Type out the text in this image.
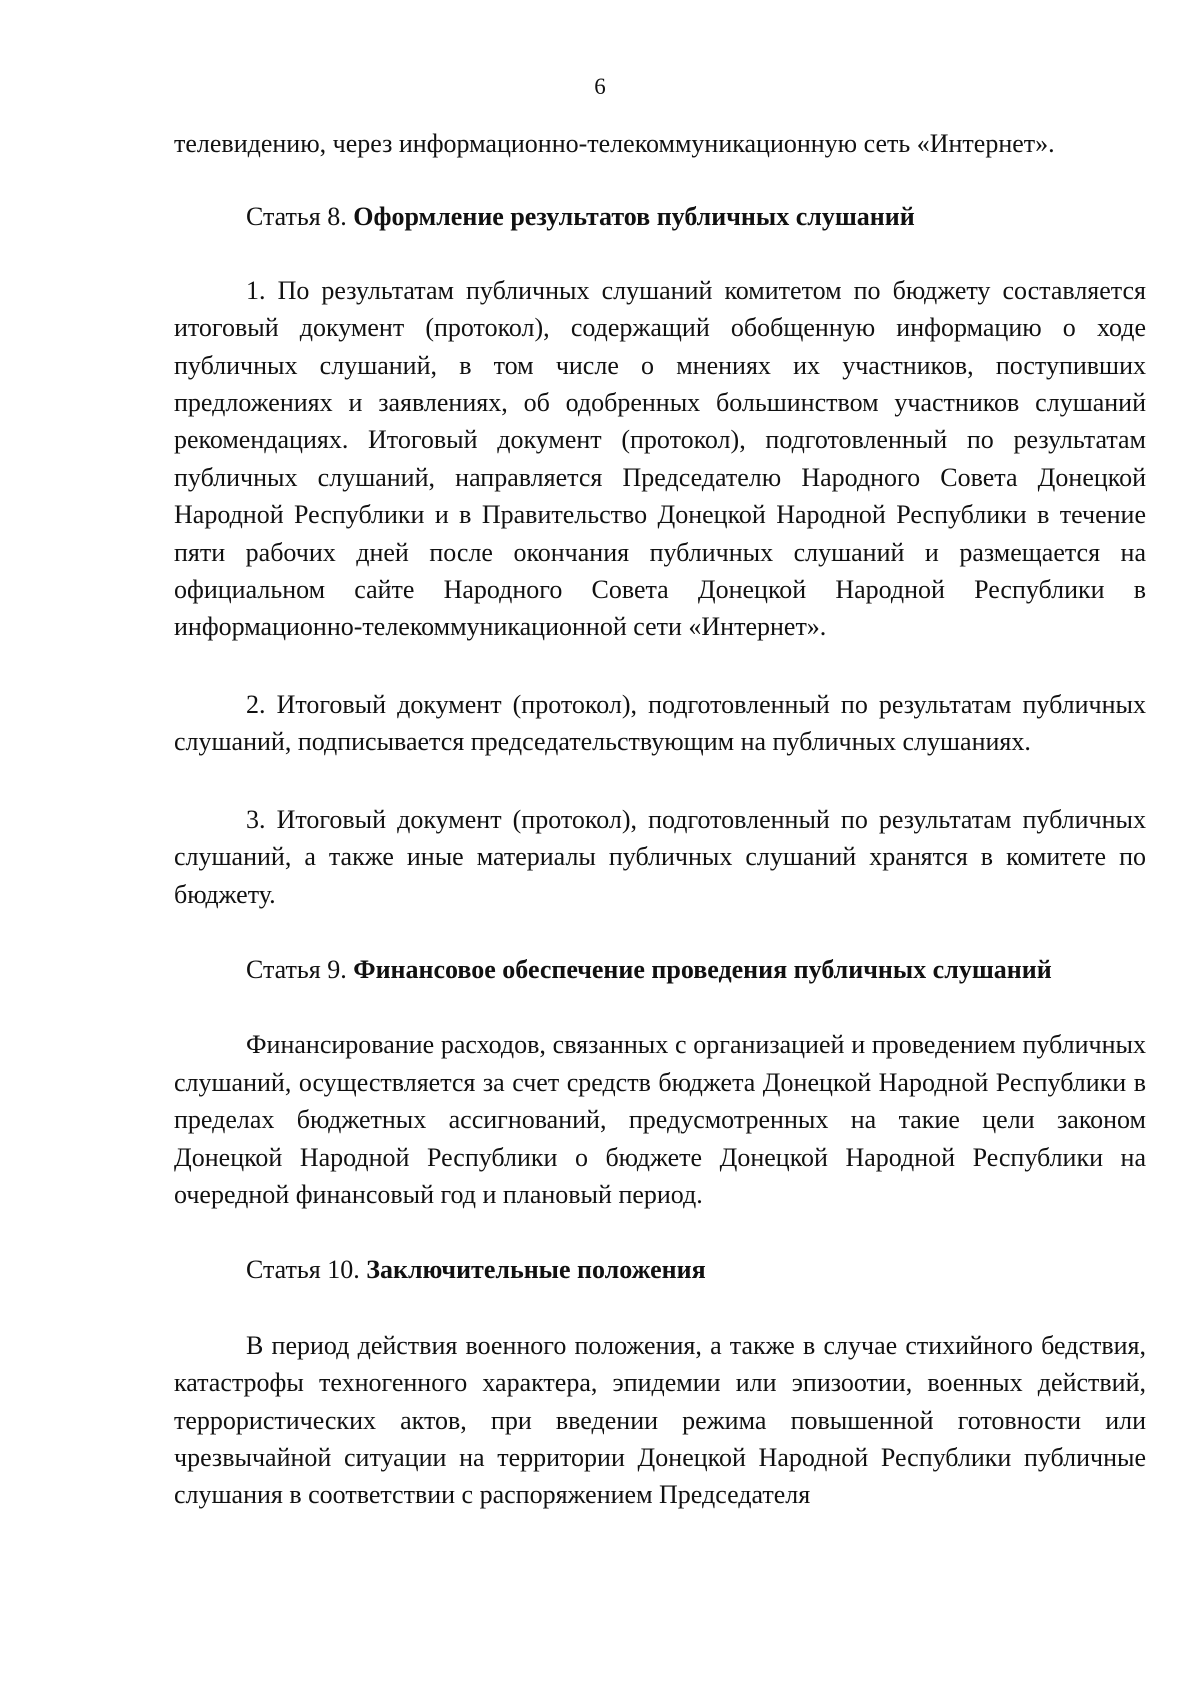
6

телевидению, через информационно-телекоммуникационную сеть «Интернет».

Статья 8. Оформление результатов публичных слушаний

1. По результатам публичных слушаний комитетом по бюджету составляется итоговый документ (протокол), содержащий обобщенную информацию о ходе публичных слушаний, в том числе о мнениях их участников, поступивших предложениях и заявлениях, об одобренных большинством участников слушаний рекомендациях. Итоговый документ (протокол), подготовленный по результатам публичных слушаний, направляется Председателю Народного Совета Донецкой Народной Республики и в Правительство Донецкой Народной Республики в течение пяти рабочих дней после окончания публичных слушаний и размещается на официальном сайте Народного Совета Донецкой Народной Республики в информационно-телекоммуникационной сети «Интернет».

2. Итоговый документ (протокол), подготовленный по результатам публичных слушаний, подписывается председательствующим на публичных слушаниях.

3. Итоговый документ (протокол), подготовленный по результатам публичных слушаний, а также иные материалы публичных слушаний хранятся в комитете по бюджету.

Статья 9. Финансовое обеспечение проведения публичных слушаний

Финансирование расходов, связанных с организацией и проведением публичных слушаний, осуществляется за счет средств бюджета Донецкой Народной Республики в пределах бюджетных ассигнований, предусмотренных на такие цели законом Донецкой Народной Республики о бюджете Донецкой Народной Республики на очередной финансовый год и плановый период.

Статья 10. Заключительные положения

В период действия военного положения, а также в случае стихийного бедствия, катастрофы техногенного характера, эпидемии или эпизоотии, военных действий, террористических актов, при введении режима повышенной готовности или чрезвычайной ситуации на территории Донецкой Народной Республики публичные слушания в соответствии с распоряжением Председателя
